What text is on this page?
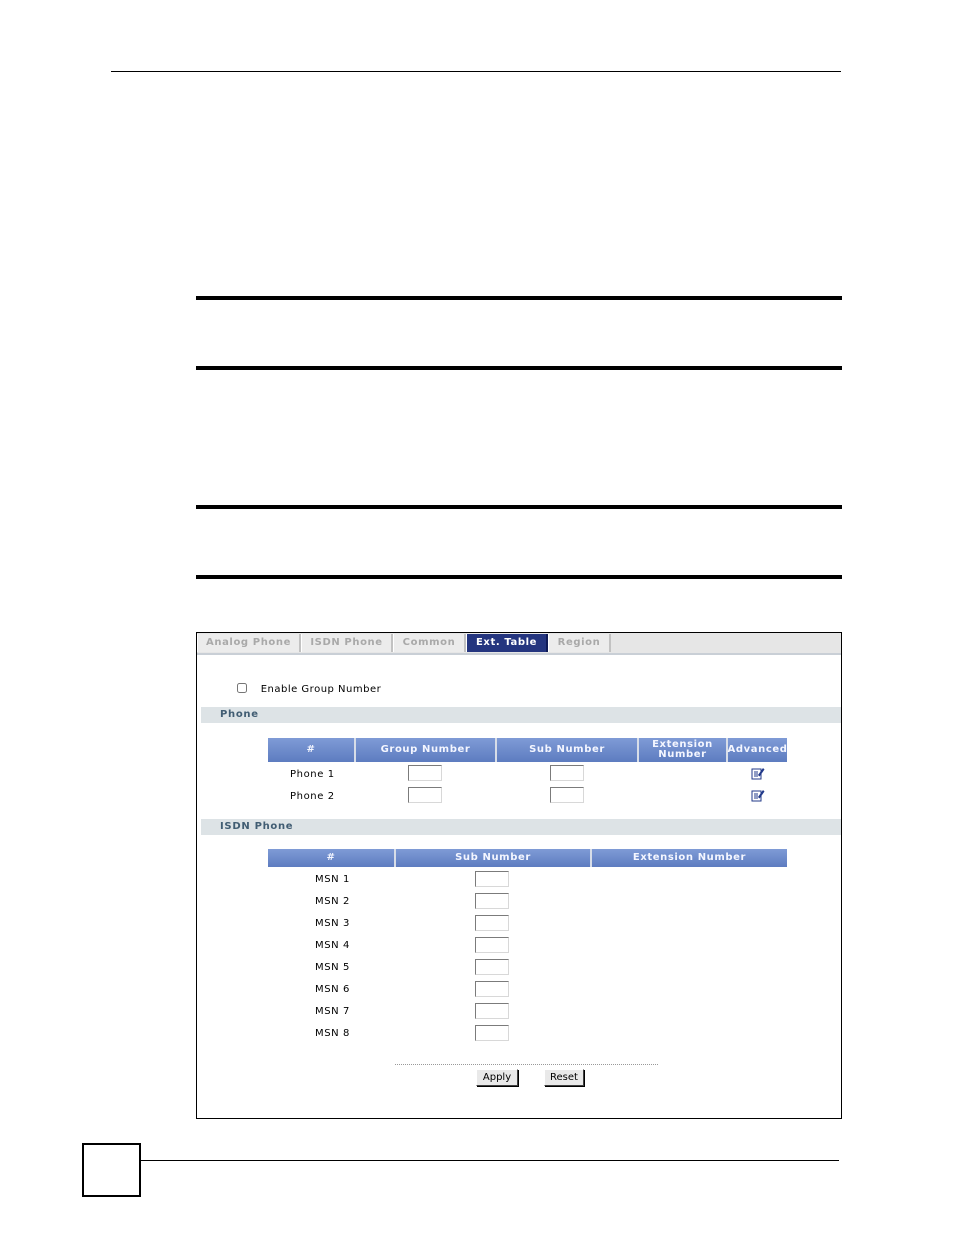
Analog Phone	ISDN Phone	Common	Ext. Table	Region
Enable Group Number
Phone
#	Group Number	Sub Number	Extension Number	Advanced
Phone 1
Phone 2
ISDN Phone
#	Sub Number	Extension Number
MSN 1
MSN 2
MSN 3
MSN 4
MSN 5
MSN 6
MSN 7
MSN 8
Apply	Reset
